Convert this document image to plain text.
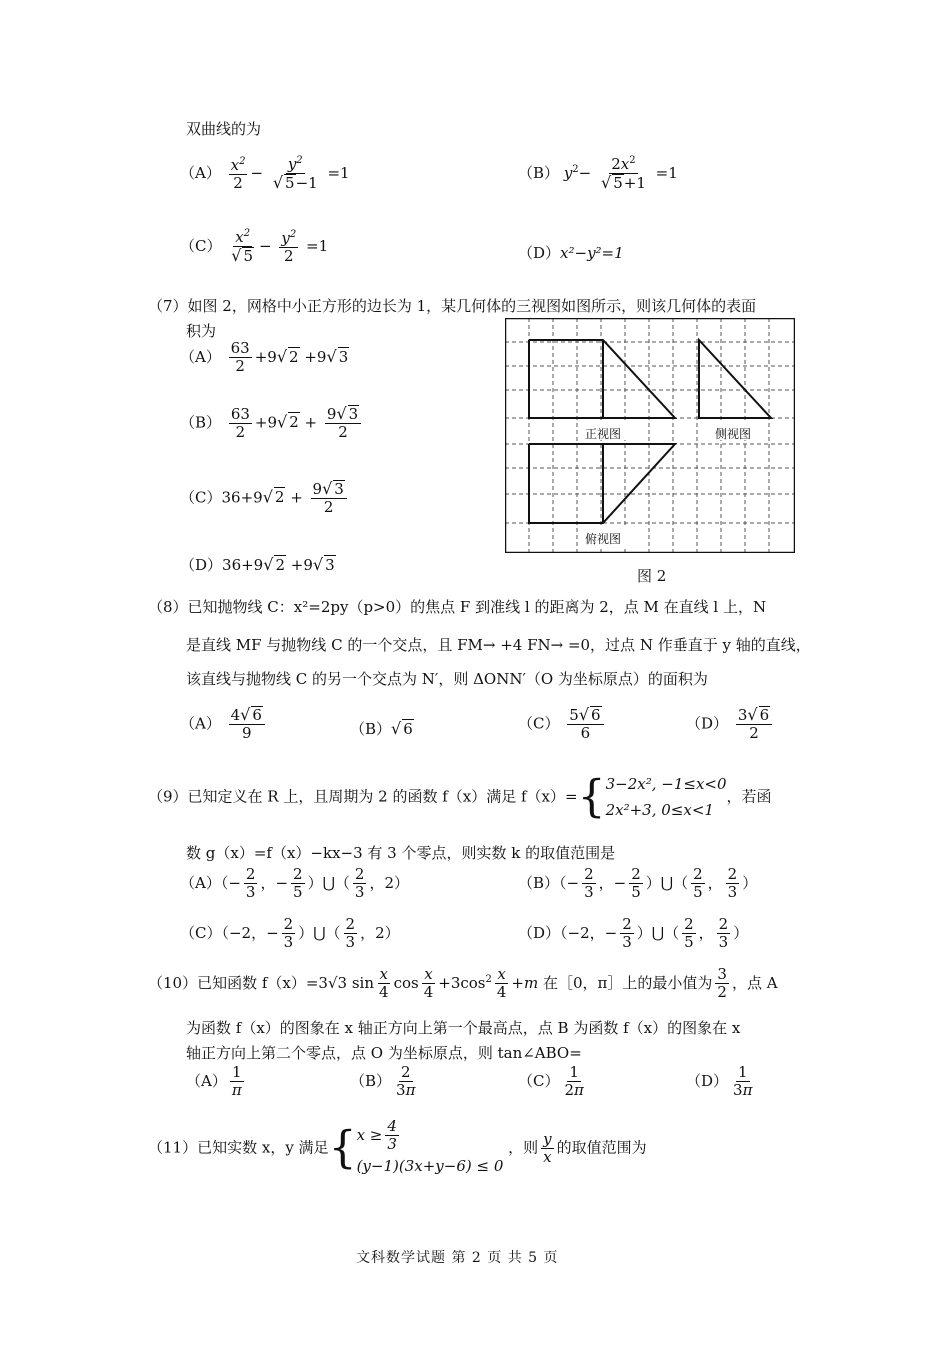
双曲线的为
$(A) \frac{x^2}{2} - \frac{y^2}{√ 5-1} =1$	（B） $y^2- \frac{2x^2}{√ 5+1} =1$
$(C) \frac{x^2}{√ 5} - \frac{y^2}{2} =1$	（D）x²−y²=1
（7）如图 2，网格中小正方形的边长为 1，某几何体的三视图如图所示，则该几何体的表面
积为
$(A) \frac{63}{2} +9√$ 2 +9√ 3
$(B) \frac{63}{2} +9√$ $2 + \frac{9√ 3}{2}$
（C）36+9√ $2 + \frac{9√ 3}{2}$
（D）36+9√ 2 +9√ 3
正视图	侧视图
俯视图
图 2
（8）已知抛物线 C：x²=2py（p>0）的焦点 F 到准线 l 的距离为 2，点 M 在直线 l 上，N
是直线 MF 与抛物线 C 的一个交点，且 FM→ +4 FN→ =0，过点 N 作垂直于 y 轴的直线，
该直线与抛物线 C 的另一个交点为 N′，则 ΔONN′（O 为坐标原点）的面积为
$(A) \frac{4√ 6}{9}$	（B）√ 6	$(C) \frac{5√ 6}{6}$	$(D) \frac{3√ 6}{2}$
（9）已知定义在 R 上，且周期为 2 的函数 f（x）满足 f（x）={ 3−2x², −1≤x<0
2x²+3, 0≤x<1
，若函
数 g（x）=f（x）−kx−3 有 3 个零点，则实数 k 的取值范围是
$(A)(- \frac{2}{3}$ ，− $\frac{2}{5}$ ）⋃（ $\frac{2}{3}$ ，2）	$(B)(- \frac{2}{3}$ ，− $\frac{2}{5}$ ）⋃（ $\frac{2}{5}$ ， $\frac{2}{3}$ ）
（C）（−2，− $\frac{2}{3}$ ）⋃（ $\frac{2}{3}$ ，2）	（D）（−2，− $\frac{2}{3}$ ）⋃（ $\frac{2}{5}$ ， $\frac{2}{3}$ ）
（10）已知函数 f（x）=3√3 $\sin \frac{x}{4}$ $\cos \frac{x}{4} +3\cos^2 \frac{x}{4} +m$ 在［0，π］上的最小值为 $\frac{3}{2}$ ，点 A
为函数 f（x）的图象在 x 轴正方向上第一个最高点，点 B 为函数 f（x）的图象在 x
轴正方向上第二个零点，点 O 为坐标原点，则 tan∠ABO=
$(A) \frac{1}{\pi}$	$(B) \frac{2}{3\pi}$	$(C) \frac{1}{2\pi}$	$(D) \frac{1}{3\pi}$
（11）已知实数 x，y 满足{ $x \ge \frac{4}{3}$
(y−1)(3x+y−6) ≤ 0
，则 $\frac{y}{x}$ 的取值范围为
文科数学试题 第 2 页 共 5 页
